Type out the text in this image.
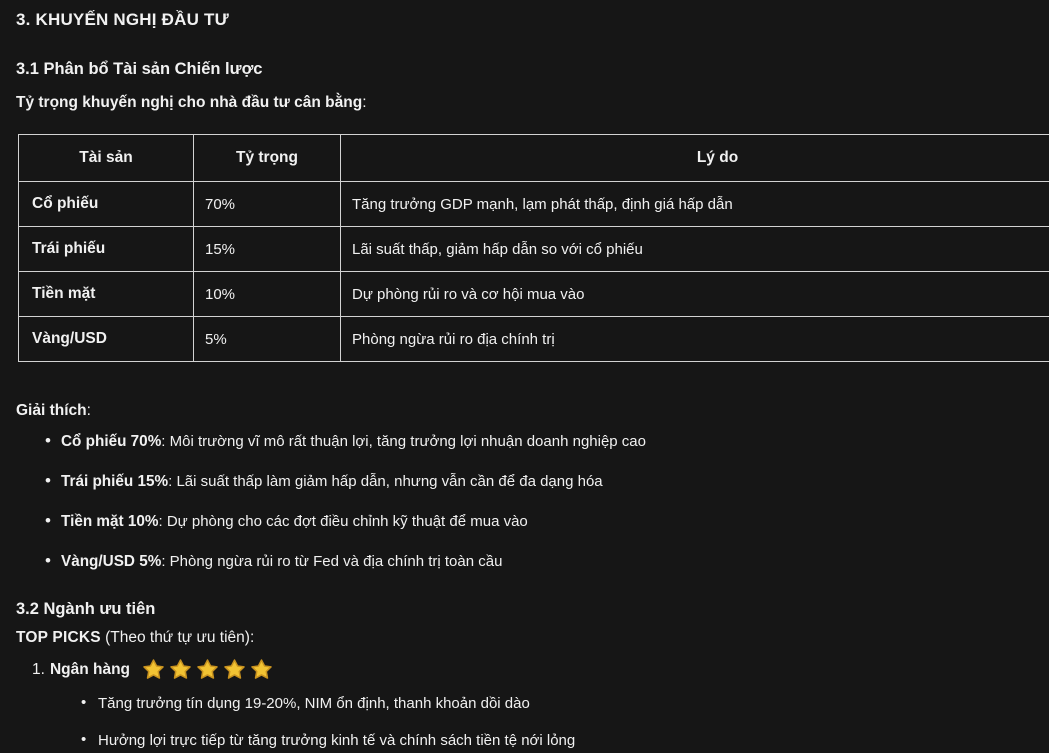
3. KHUYẾN NGHỊ ĐẦU TƯ
3.1 Phân bổ Tài sản Chiến lược

Tỷ trọng khuyến nghị cho nhà đầu tư cân bằng:

Tài sản	Tỷ trọng	Lý do
Cổ phiếu	70%	Tăng trưởng GDP mạnh, lạm phát thấp, định giá hấp dẫn
Trái phiếu	15%	Lãi suất thấp, giảm hấp dẫn so với cổ phiếu
Tiền mặt	10%	Dự phòng rủi ro và cơ hội mua vào
Vàng/USD	5%	Phòng ngừa rủi ro địa chính trị

Giải thích:

• Cổ phiếu 70%: Môi trường vĩ mô rất thuận lợi, tăng trưởng lợi nhuận doanh nghiệp cao
• Trái phiếu 15%: Lãi suất thấp làm giảm hấp dẫn, nhưng vẫn cần để đa dạng hóa
• Tiền mặt 10%: Dự phòng cho các đợt điều chỉnh kỹ thuật để mua vào
• Vàng/USD 5%: Phòng ngừa rủi ro từ Fed và địa chính trị toàn cầu
3.2 Ngành ưu tiên

TOP PICKS (Theo thứ tự ưu tiên):

1. Ngân hàng
• Tăng trưởng tín dụng 19-20%, NIM ổn định, thanh khoản dồi dào
• Hưởng lợi trực tiếp từ tăng trưởng kinh tế và chính sách tiền tệ nới lỏng
